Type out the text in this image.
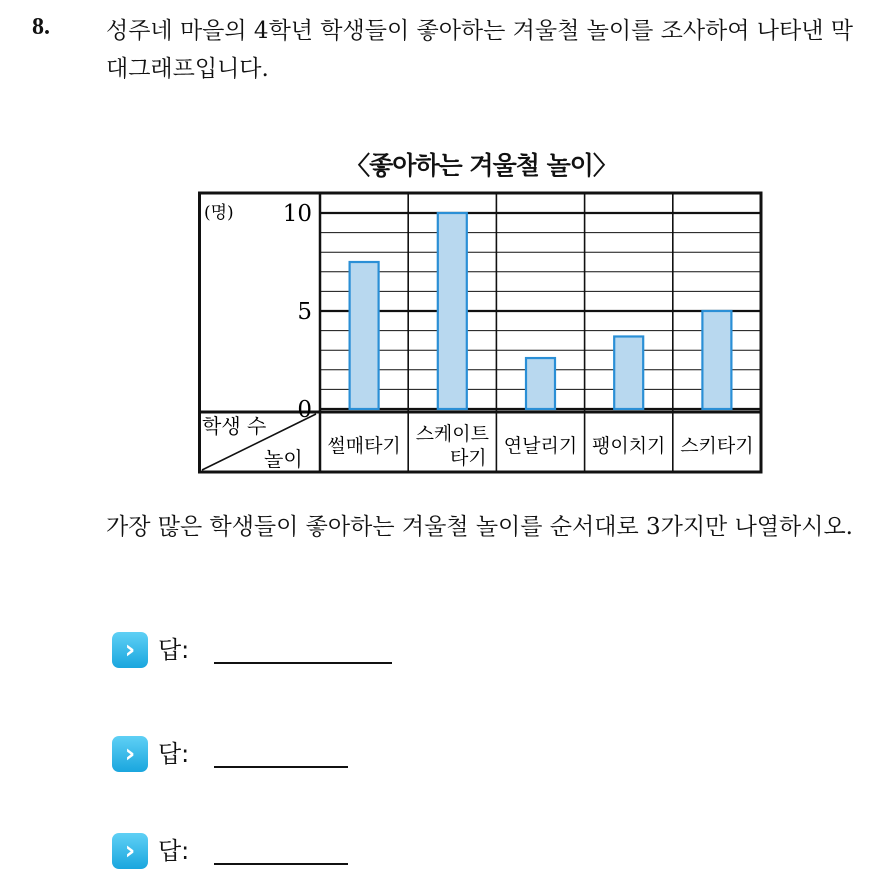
8. 성주네 마을의 4학년 학생들이 좋아하는 겨울철 놀이를 조사하여 나타낸 막대그래프입니다.
〈좋아하는 겨울철 놀이〉
(명)
0
5
10
학생 수
놀이
썰매타기
스케이트
타기
연날리기 팽이치기 스키타기
가장 많은 학생들이 좋아하는 겨울철 놀이를 순서대로 3가지만 나열하시오.
› 답:
› 답:
› 답:
